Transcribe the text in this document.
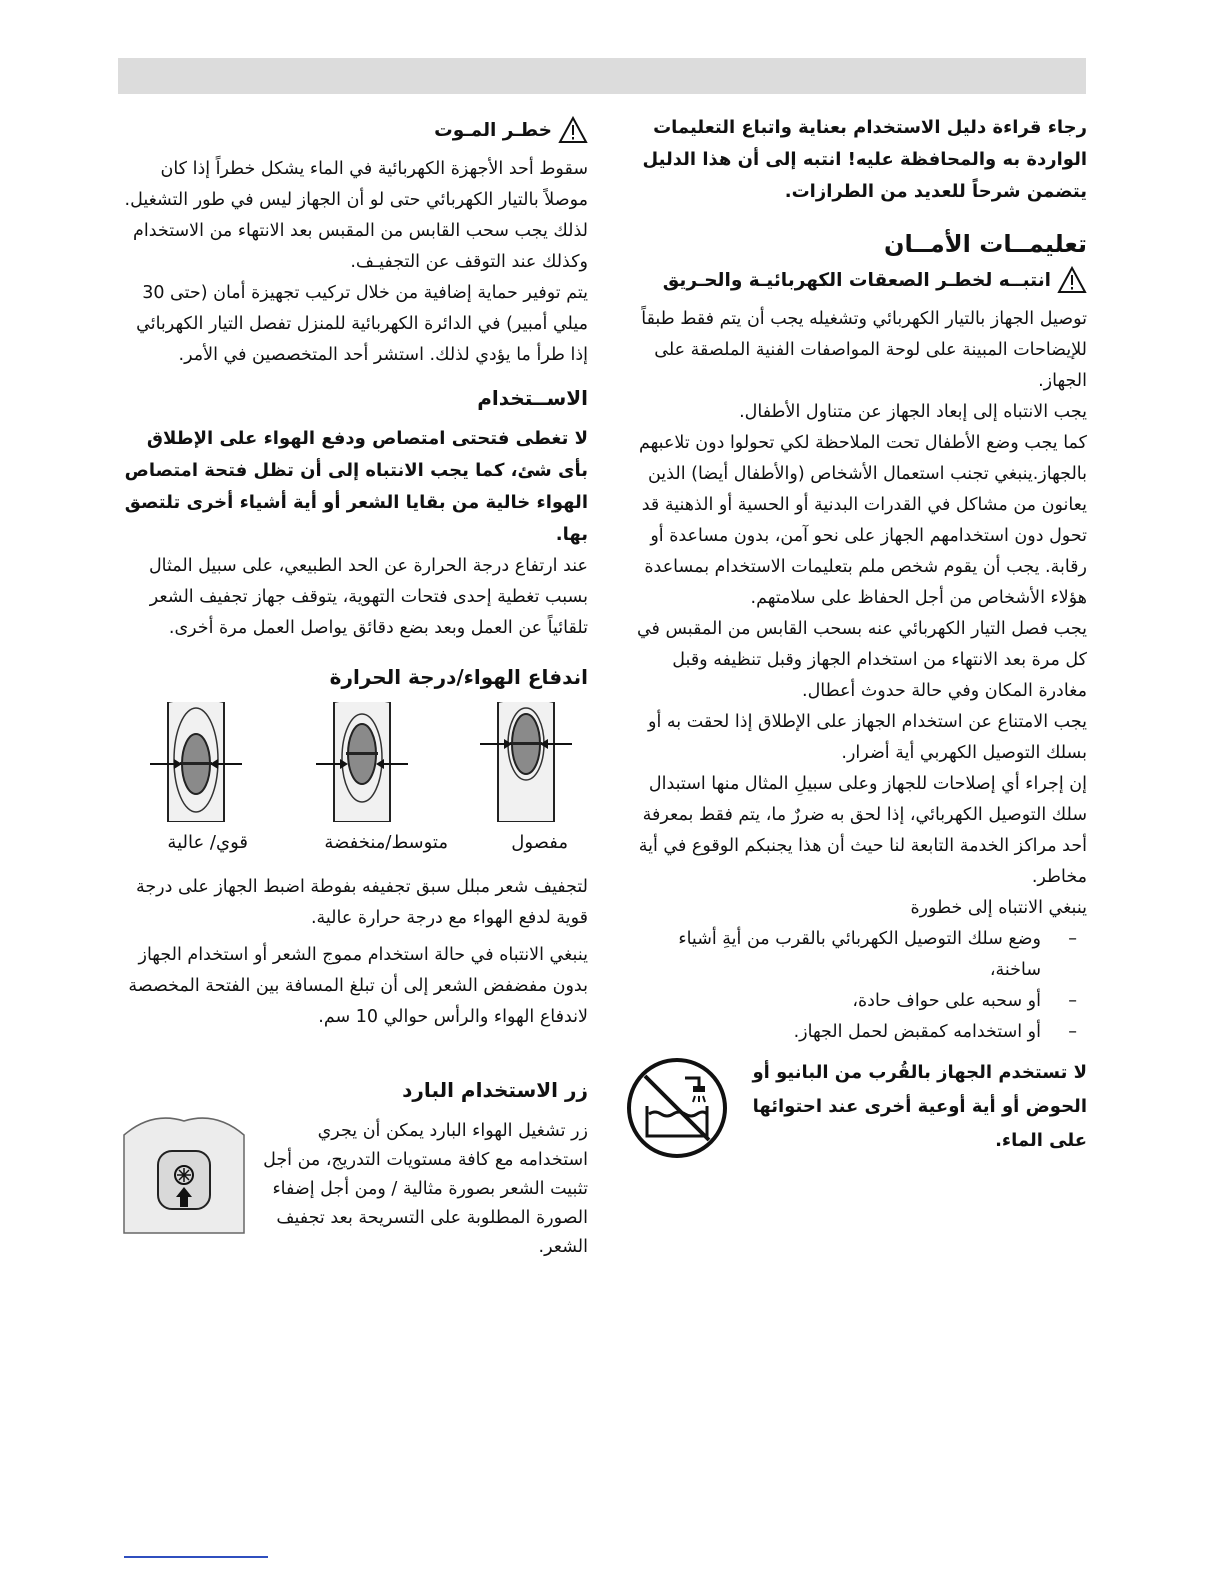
رجاء قراءة دليل الاستخدام بعناية واتباع التعليمات الواردة به والمحافظة عليه! انتبه إلى أن هذا الدليل يتضمن شرحاً للعديد من الطرازات.

تعليمــات الأمــان
انتبــه لخطـر الصعقات الكهربائيـة والحـريق

توصيل الجهاز بالتيار الكهربائي وتشغيله يجب أن يتم فقط طبقاً للإيضاحات المبينة على لوحة المواصفات الفنية الملصقة على الجهاز.

يجب الانتباه إلى إبعاد الجهاز عن متناول الأطفال.

كما يجب وضع الأطفال تحت الملاحظة لكي تحولوا دون تلاعبهم بالجهاز.ينبغي تجنب استعمال الأشخاص (والأطفال أيضا) الذين يعانون من مشاكل في القدرات البدنية أو الحسية أو الذهنية قد تحول دون استخدامهم الجهاز على نحو آمن، بدون مساعدة أو رقابة. يجب أن يقوم شخص ملم بتعليمات الاستخدام بمساعدة هؤلاء الأشخاص من أجل الحفاظ على سلامتهم.

يجب فصل التيار الكهربائي عنه بسحب القابس من المقبس في كل مرة بعد الانتهاء من استخدام الجهاز وقبل تنظيفه وقبل مغادرة المكان وفي حالة حدوث أعطال.

يجب الامتناع عن استخدام الجهاز على الإطلاق إذا لحقت به أو بسلك التوصيل الكهربي أية أضرار.

إن إجراء أي إصلاحات للجهاز وعلى سبيلِ المثال منها استبدال سلك التوصيل الكهربائي، إذا لحق به ضررٌ ما، يتم فقط بمعرفة أحد مراكز الخدمة التابعة لنا حيث أن هذا يجنبكم الوقوع في أية مخاطر.

ينبغي الانتباه إلى خطورة

–
وضع سلك التوصيل الكهربائي بالقرب من أيةِ أشياء ساخنة،
–
أو سحبه على حواف حادة،
–
أو استخدامه كمقبض لحمل الجهاز.
لا تستخدم الجهاز بالقُرب من البانيو أو الحوض أو أية أوعية أخرى عند احتوائها على الماء.
خطـر المـوت

سقوط أحد الأجهزة الكهربائية في الماء يشكل خطراً إذا كان موصلاً بالتيار الكهربائي حتى لو أن الجهاز ليس في طور التشغيل. لذلك يجب سحب القابس من المقبس بعد الانتهاء من الاستخدام وكذلك عند التوقف عن التجفيـف.

يتم توفير حماية إضافية من خلال تركيب تجهيزة أمان (حتى 30 ميلي أمبير) في الدائرة الكهربائية للمنزل تفصل التيار الكهربائي إذا طرأ ما يؤدي لذلك. استشر أحد المتخصصين في الأمر.

الاســتخدام

لا تغطى فتحتى امتصاص ودفع الهواء على الإطلاق بأى شئ، كما يجب الانتباه إلى أن تظل فتحة امتصاص الهواء خالية من بقايا الشعر أو أية أشياء أخرى تلتصق بها.

عند ارتفاع درجة الحرارة عن الحد الطبيعي، على سبيل المثال بسبب تغطية إحدى فتحات التهوية، يتوقف جهاز تجفيف الشعر تلقائياً عن العمل وبعد بضع دقائق يواصل العمل مرة أخرى.

اندفاع الهواء/درجة الحرارة
مفصول
متوسط/منخفضة
قوي/ عالية

لتجفيف شعر مبلل سبق تجفيفه بفوطة اضبط الجهاز على درجة قوية لدفع الهواء مع درجة حرارة عالية.

ينبغي الانتباه في حالة استخدام مموج الشعر أو استخدام الجهاز بدون مفضفض الشعر إلى أن تبلغ المسافة بين الفتحة المخصصة لاندفاع الهواء والرأس حوالي 10 سم.

زر الاستخدام البارد
زر تشغيل الهواء البارد يمكن أن يجري استخدامه مع كافة مستويات التدريج، من أجل تثبيت الشعر بصورة مثالية / ومن أجل إضفاء الصورة المطلوبة على التسريحة بعد تجفيف الشعر.
